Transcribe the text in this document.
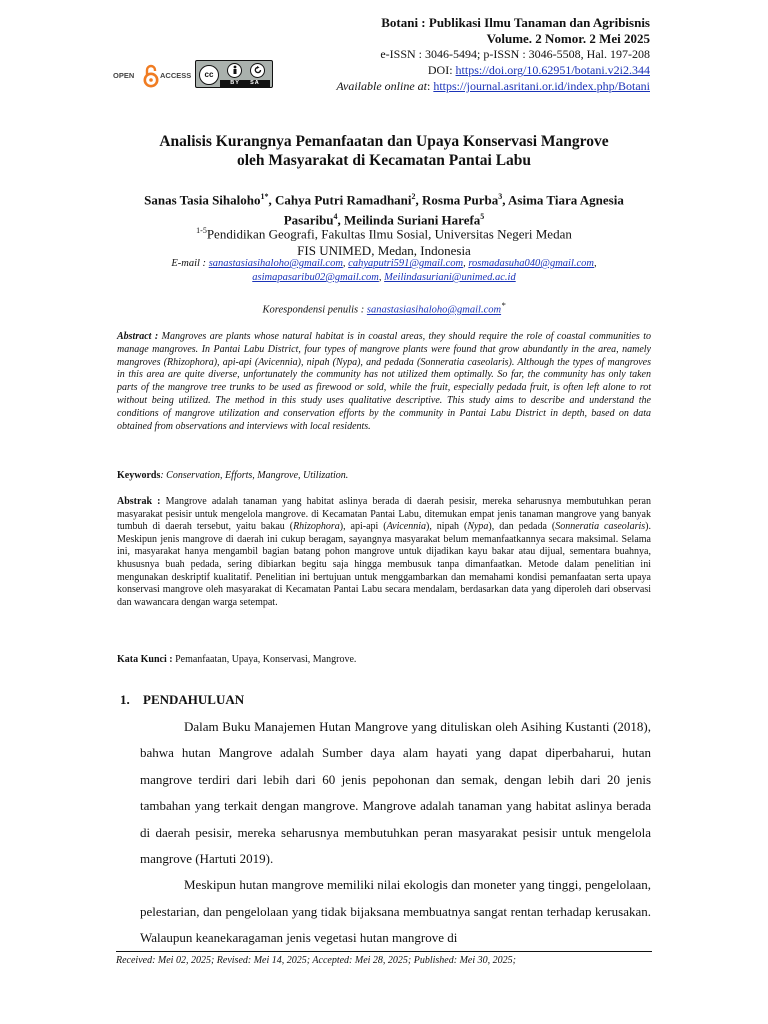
OPEN	ACCESS	cc
BY SA
Botani : Publikasi Ilmu Tanaman dan Agribisnis
Volume. 2 Nomor. 2 Mei 2025
e-ISSN : 3046-5494; p-ISSN : 3046-5508, Hal. 197-208
DOI: https://doi.org/10.62951/botani.v2i2.344
Available online at: https://journal.asritani.or.id/index.php/Botani
Analisis Kurangnya Pemanfaatan dan Upaya Konservasi Mangrove
oleh Masyarakat di Kecamatan Pantai Labu
Sanas Tasia Sihaloho$^{1*}$, Cahya Putri Ramadhani$^2$, Rosma Purba$^3$, Asima Tiara Agnesia Pasaribu$^4$, Meilinda Suriani Harefa$^5$
$^{1-5}$Pendidikan Geografi, Fakultas Ilmu Sosial, Universitas Negeri Medan
FIS UNIMED, Medan, Indonesia
E-mail : sanastasiasihaloho@gmail.com, cahyaputri591@gmail.com, rosmadasuha040@gmail.com,
asimapasaribu02@gmail.com, Meilindasuriani@unimed.ac.id
Korespondensi penulis : sanastasiasihaloho@gmail.com*
Abstract : Mangroves are plants whose natural habitat is in coastal areas, they should require the role of coastal communities to manage mangroves. In Pantai Labu District, four types of mangrove plants were found that grow abundantly in the area, namely mangroves (Rhizophora), api-api (Avicennia), nipah (Nypa), and pedada (Sonneratia caseolaris). Although the types of mangroves in this area are quite diverse, unfortunately the community has not utilized them optimally. So far, the community has only taken parts of the mangrove tree trunks to be used as firewood or sold, while the fruit, especially pedada fruit, is often left alone to rot without being utilized. The method in this study uses qualitative descriptive. This study aims to describe and understand the conditions of mangrove utilization and conservation efforts by the community in Pantai Labu District in depth, based on data obtained from observations and interviews with local residents.
Keywords: Conservation, Efforts, Mangrove, Utilization.
Abstrak : Mangrove adalah tanaman yang habitat aslinya berada di daerah pesisir, mereka seharusnya membutuhkan peran masyarakat pesisir untuk mengelola mangrove. di Kecamatan Pantai Labu, ditemukan empat jenis tanaman mangrove yang banyak tumbuh di daerah tersebut, yaitu bakau (Rhizophora), api-api (Avicennia), nipah (Nypa), dan pedada (Sonneratia caseolaris). Meskipun jenis mangrove di daerah ini cukup beragam, sayangnya masyarakat belum memanfaatkannya secara maksimal. Selama ini, masyarakat hanya mengambil bagian batang pohon mangrove untuk dijadikan kayu bakar atau dijual, sementara buahnya, khususnya buah pedada, sering dibiarkan begitu saja hingga membusuk tanpa dimanfaatkan. Metode dalam penelitian ini mengunakan deskriptif kualitatif. Penelitian ini bertujuan untuk menggambarkan dan memahami kondisi pemanfaatan serta upaya konservasi mangrove oleh masyarakat di Kecamatan Pantai Labu secara mendalam, berdasarkan data yang diperoleh dari observasi dan wawancara dengan warga setempat.
Kata Kunci : Pemanfaatan, Upaya, Konservasi, Mangrove.
1. PENDAHULUAN

Dalam Buku Manajemen Hutan Mangrove yang dituliskan oleh Asihing Kustanti (2018), bahwa hutan Mangrove adalah Sumber daya alam hayati yang dapat diperbaharui, hutan mangrove terdiri dari lebih dari 60 jenis pepohonan dan semak, dengan lebih dari 20 jenis tambahan yang terkait dengan mangrove. Mangrove adalah tanaman yang habitat aslinya berada di daerah pesisir, mereka seharusnya membutuhkan peran masyarakat pesisir untuk mengelola mangrove (Hartuti 2019).

Meskipun hutan mangrove memiliki nilai ekologis dan moneter yang tinggi, pengelolaan, pelestarian, dan pengelolaan yang tidak bijaksana membuatnya sangat rentan terhadap kerusakan. Walaupun keanekaragaman jenis vegetasi hutan mangrove di

Received: Mei 02, 2025; Revised: Mei 14, 2025; Accepted: Mei 28, 2025; Published: Mei 30, 2025;
